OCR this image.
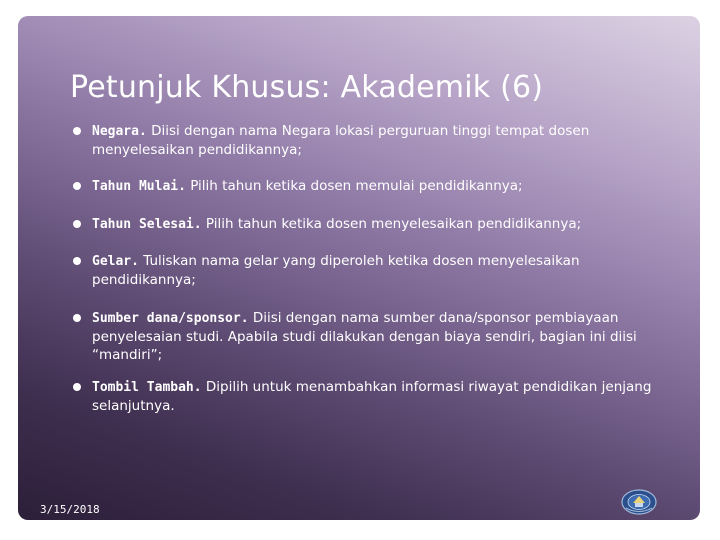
Petunjuk Khusus: Akademik (6)
Negara. Diisi dengan nama Negara lokasi perguruan tinggi tempat dosen menyelesaikan pendidikannya;
Tahun Mulai. Pilih tahun ketika dosen memulai pendidikannya;
Tahun Selesai. Pilih tahun ketika dosen menyelesaikan pendidikannya;
Gelar. Tuliskan nama gelar yang diperoleh ketika dosen menyelesaikan pendidikannya;
Sumber dana/sponsor. Diisi dengan nama sumber dana/sponsor pembiayaan penyelesaian studi. Apabila studi dilakukan dengan biaya sendiri, bagian ini diisi “mandiri”;
Tombil Tambah. Dipilih untuk menambahkan informasi riwayat pendidikan jenjang selanjutnya.
3/15/2018
